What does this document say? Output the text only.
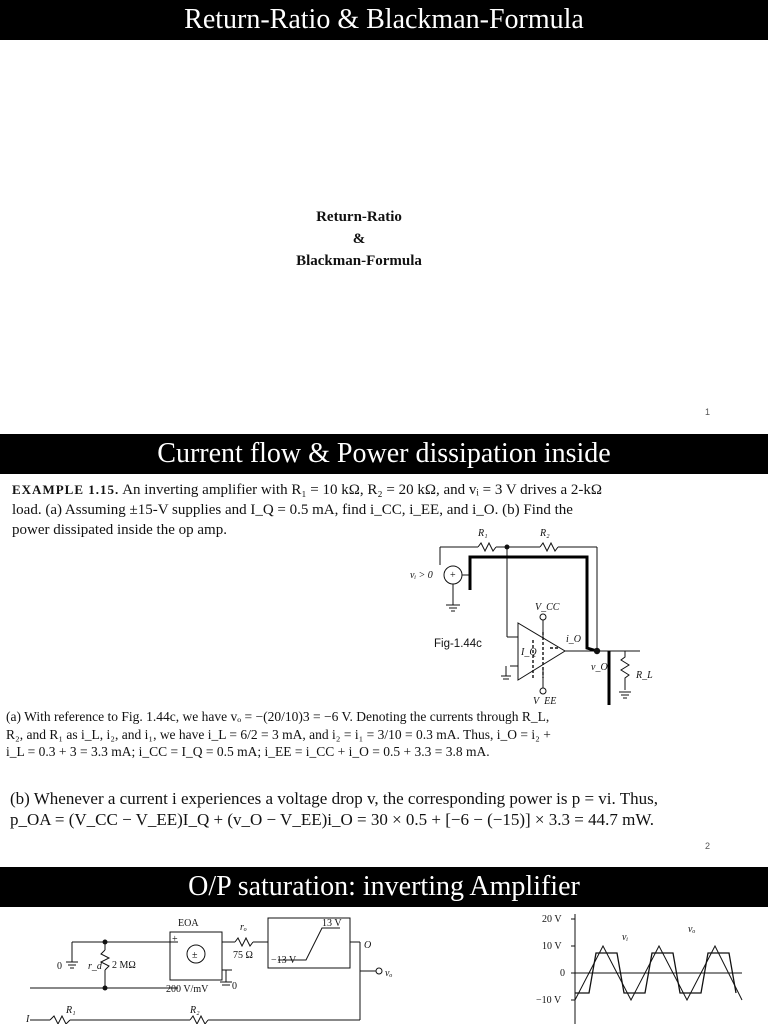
Return-Ratio & Blackman-Formula
Return-Ratio
&
Blackman-Formula
1
Current flow & Power dissipation inside
EXAMPLE 1.15. An inverting amplifier with R₁ = 10 kΩ, R₂ = 20 kΩ, and vᵢ = 3 V drives a 2-kΩ load. (a) Assuming ±15-V supplies and I_Q = 0.5 mA, find i_CC, i_EE, and i_O. (b) Find the power dissipated inside the op amp.	R₁	R₂
vᵢ > 0 +
V_CC
i_O
I_Q
v_O
R_L
V_EE
Fig-1.44c
(a) With reference to Fig. 1.44c, we have vₒ = −(20/10)3 = −6 V. Denoting the currents through R_L, R₂, and R₁ as i_L, i₂, and i₁, we have i_L = 6/2 = 3 mA, and i₂ = i₁ = 3/10 = 0.3 mA. Thus, i_O = i₂ + i_L = 0.3 + 3 = 3.3 mA; i_CC = I_Q = 0.5 mA; i_EE = i_CC + i_O = 0.5 + 3.3 = 3.8 mA.
(b) Whenever a current i experiences a voltage drop v, the corresponding power is p = vi. Thus, p_OA = (V_CC − V_EE)I_Q + (v_O − V_EE)i_O = 30 × 0.5 + [−6 − (−15)] × 3.3 = 44.7 mW.
2
O/P saturation: inverting Amplifier
EOA
+
±
rₒ
75 Ω
200 V/mV
13 V
−13 V
O
vₒ
r_d 2 MΩ
R₁	R₂
0
0
I
20 V
10 V
0
−10 V
vᵢ
vₒ
